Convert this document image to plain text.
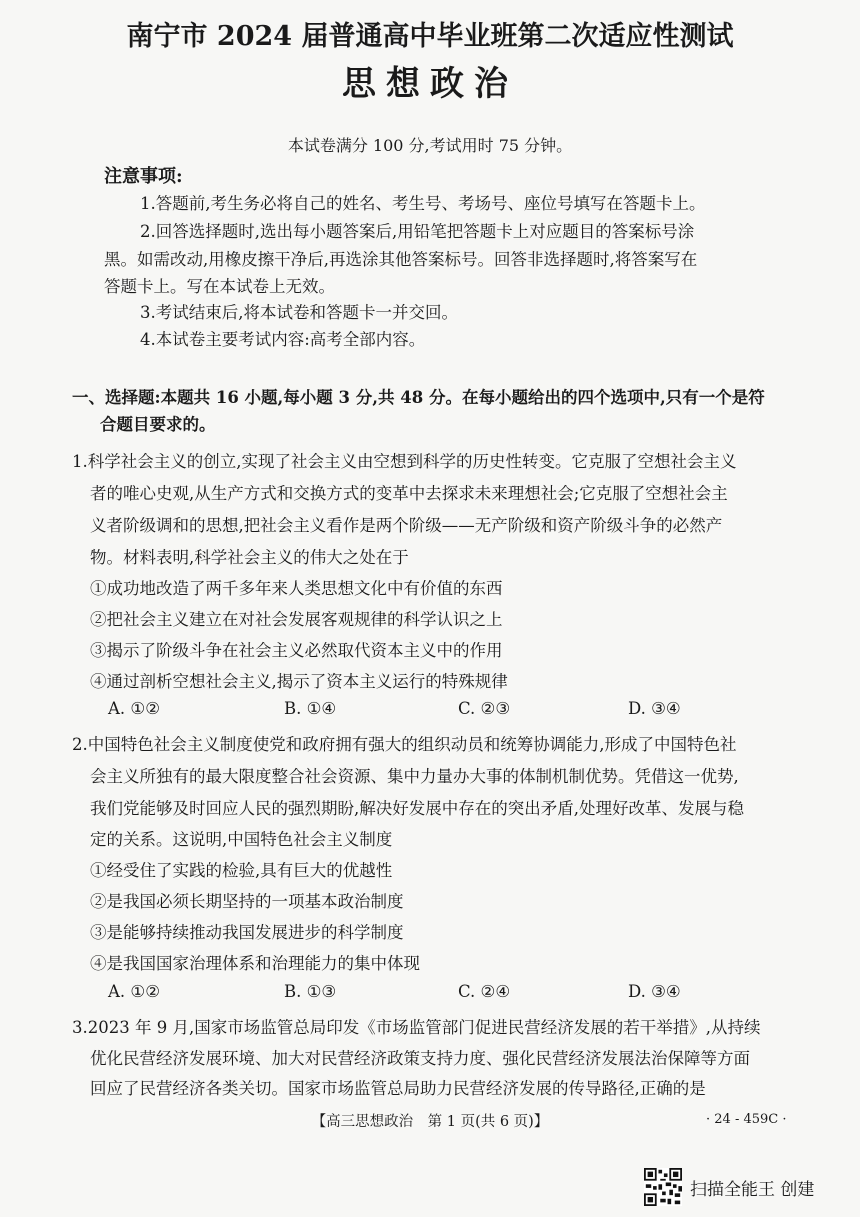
南宁市 2024 届普通高中毕业班第二次适应性测试
思想政治
本试卷满分 100 分,考试用时 75 分钟。
注意事项:
1.答题前,考生务必将自己的姓名、考生号、考场号、座位号填写在答题卡上。
2.回答选择题时,选出每小题答案后,用铅笔把答题卡上对应题目的答案标号涂
黑。如需改动,用橡皮擦干净后,再选涂其他答案标号。回答非选择题时,将答案写在
答题卡上。写在本试卷上无效。
3.考试结束后,将本试卷和答题卡一并交回。
4.本试卷主要考试内容:高考全部内容。
一、选择题:本题共 16 小题,每小题 3 分,共 48 分。在每小题给出的四个选项中,只有一个是符
合题目要求的。
1.科学社会主义的创立,实现了社会主义由空想到科学的历史性转变。它克服了空想社会主义
者的唯心史观,从生产方式和交换方式的变革中去探求未来理想社会;它克服了空想社会主
义者阶级调和的思想,把社会主义看作是两个阶级——无产阶级和资产阶级斗争的必然产
物。材料表明,科学社会主义的伟大之处在于
①成功地改造了两千多年来人类思想文化中有价值的东西
②把社会主义建立在对社会发展客观规律的科学认识之上
③揭示了阶级斗争在社会主义必然取代资本主义中的作用
④通过剖析空想社会主义,揭示了资本主义运行的特殊规律
A. ①②	B. ①④	C. ②③	D. ③④
2.中国特色社会主义制度使党和政府拥有强大的组织动员和统筹协调能力,形成了中国特色社
会主义所独有的最大限度整合社会资源、集中力量办大事的体制机制优势。凭借这一优势,
我们党能够及时回应人民的强烈期盼,解决好发展中存在的突出矛盾,处理好改革、发展与稳
定的关系。这说明,中国特色社会主义制度
①经受住了实践的检验,具有巨大的优越性
②是我国必须长期坚持的一项基本政治制度
③是能够持续推动我国发展进步的科学制度
④是我国国家治理体系和治理能力的集中体现
A. ①②	B. ①③	C. ②④	D. ③④
3.2023 年 9 月,国家市场监管总局印发《市场监管部门促进民营经济发展的若干举措》,从持续
优化民营经济发展环境、加大对民营经济政策支持力度、强化民营经济发展法治保障等方面
回应了民营经济各类关切。国家市场监管总局助力民营经济发展的传导路径,正确的是
【高三思想政治　第 1 页(共 6 页)】	· 24 - 459C ·
扫描全能王 创建
